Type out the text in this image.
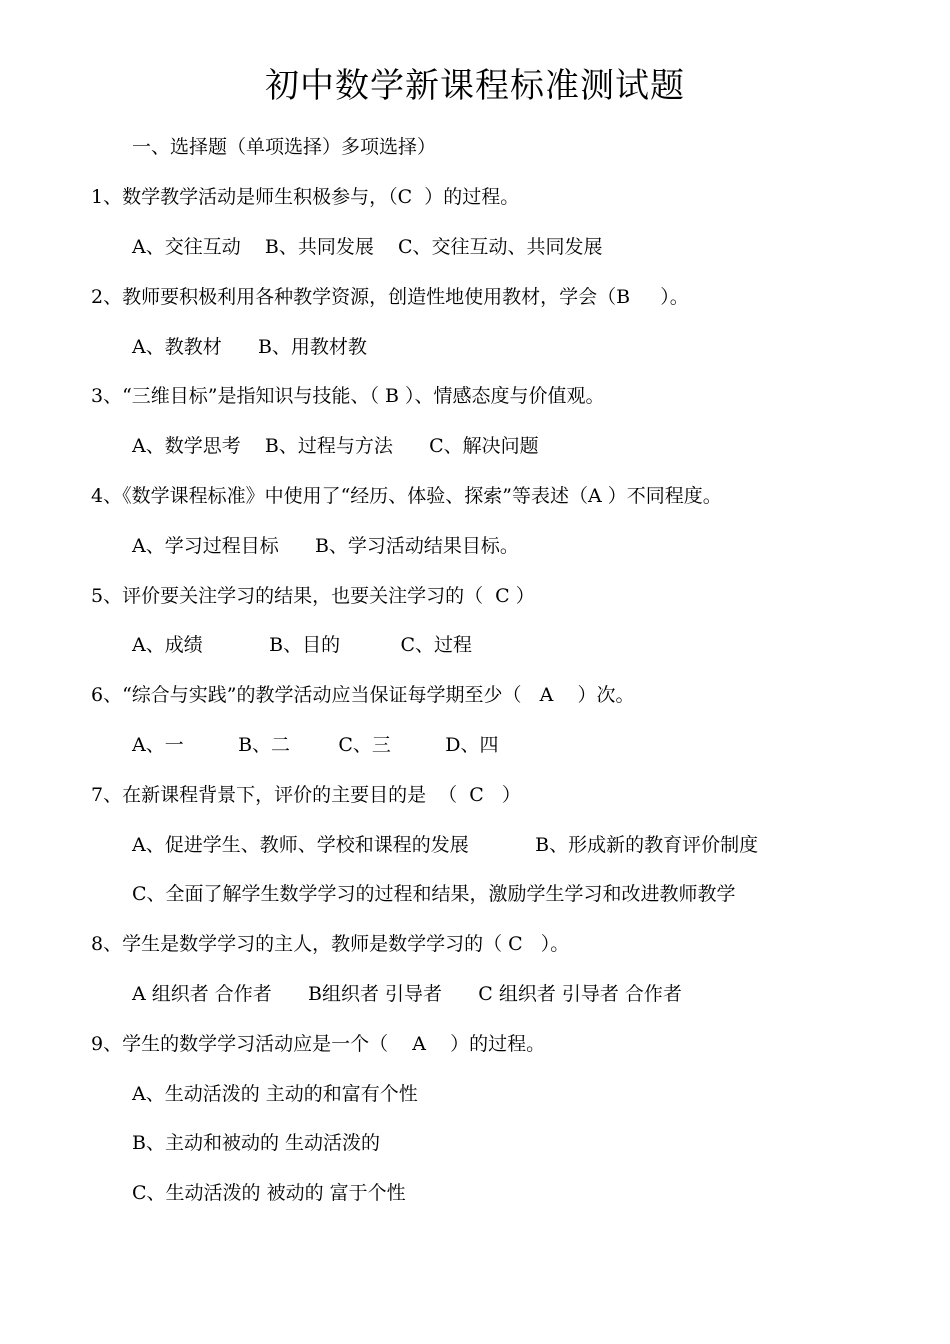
初中数学新课程标准测试题
一、选择题（单项选择）多项选择）
1、数学教学活动是师生积极参与，（C  ）的过程。
A、交往互动    B、共同发展    C、交往互动、共同发展
2、教师要积极利用各种教学资源，创造性地使用教材，学会（B     ）。
A、教教材      B、用教材教
3、“三维目标”是指知识与技能、（ B ）、情感态度与价值观。
A、数学思考    B、过程与方法      C、解决问题
4、《数学课程标准》中使用了“经历、体验、探索”等表述（A ）不同程度。
A、学习过程目标      B、学习活动结果目标。
5、评价要关注学习的结果，也要关注学习的（  C ）
A、成绩           B、目的          C、过程
6、“综合与实践”的教学活动应当保证每学期至少（   A    ）次。
A、一         B、二        C、三         D、四
7、在新课程背景下，评价的主要目的是  （  C   ）
A、促进学生、教师、学校和课程的发展           B、形成新的教育评价制度
C、全面了解学生数学学习的过程和结果，激励学生学习和改进教师教学
8、学生是数学学习的主人，教师是数学学习的（ C   ）。
A 组织者 合作者      B组织者 引导者      C 组织者 引导者 合作者
9、学生的数学学习活动应是一个（    A    ）的过程。
A、生动活泼的 主动的和富有个性
B、主动和被动的 生动活泼的
C、生动活泼的 被动的 富于个性
